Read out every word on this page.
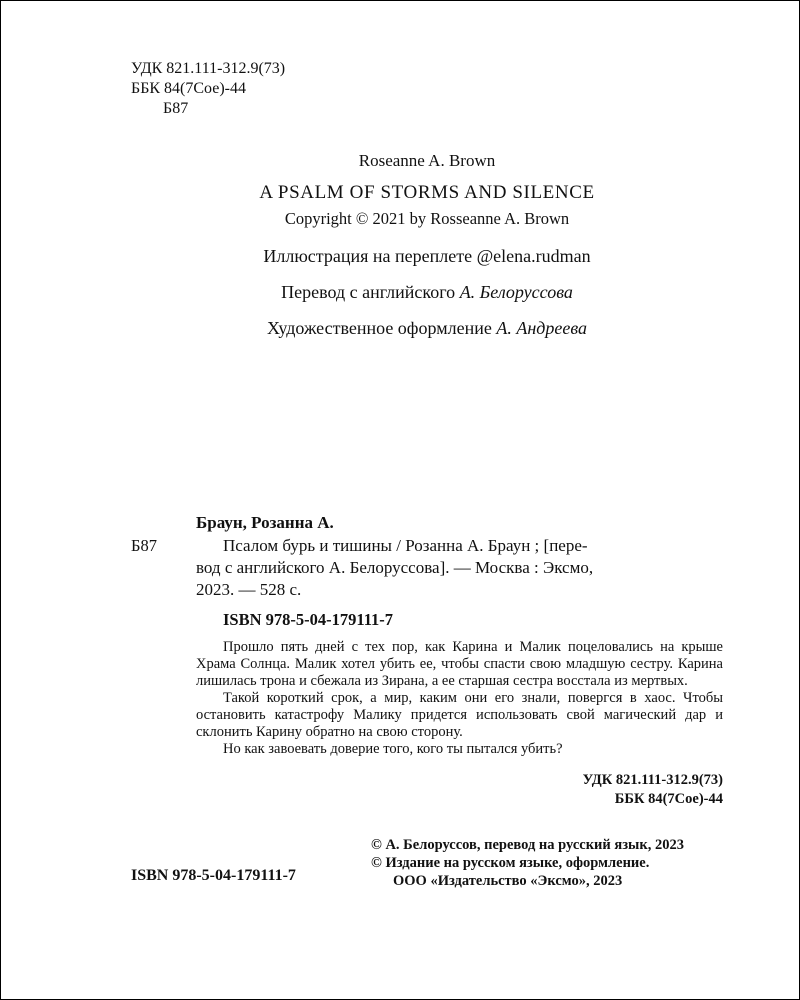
УДК 821.111-312.9(73)
ББК 84(7Сое)-44
Б87
Roseanne A. Brown
A PSALM OF STORMS AND SILENCE
Copyright © 2021 by Rosseanne A. Brown
Иллюстрация на переплете @elena.rudman
Перевод с английского А. Белоруссова
Художественное оформление А. Андреева
Браун, Розанна А.
Б87	Псалом бурь и тишины / Розанна А. Браун ; [пере-
вод с английского А. Белоруссова]. — Москва : Эксмо,
2023. — 528 с.
ISBN 978-5-04-179111-7

Прошло пять дней с тех пор, как Карина и Малик поцеловались на крыше Храма Солнца. Малик хотел убить ее, чтобы спасти свою младшую сестру. Карина лишилась трона и сбежала из Зирана, а ее старшая сестра восстала из мертвых.

Такой короткий срок, а мир, каким они его знали, повергся в хаос. Чтобы остановить катастрофу Малику придется использовать свой магический дар и склонить Карину обратно на свою сторону.

Но как завоевать доверие того, кого ты пытался убить?

УДК 821.111-312.9(73)
ББК 84(7Сое)-44
© А. Белоруссов, перевод на русский язык, 2023
© Издание на русском языке, оформление.
ООО «Издательство «Эксмо», 2023
ISBN 978-5-04-179111-7
